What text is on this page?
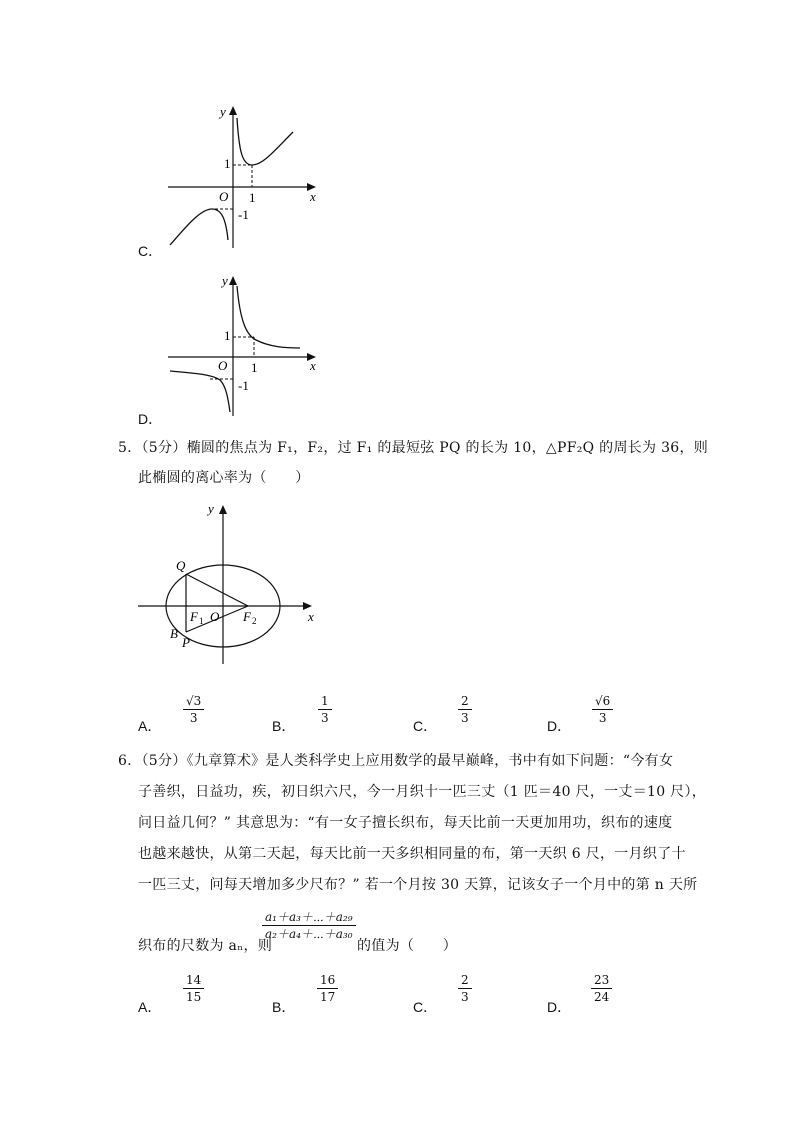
C．
y
x
O
1
1
-1
D．
y
x
O
1
1
-1
5．（5分）椭圆的焦点为 F₁，F₂，过 F₁ 的最短弦 PQ 的长为 10，△PF₂Q 的周长为 36，则
此椭圆的离心率为（　　）
y
x
Q
F 1 O F 2
B
P
A．
√3
3	B．
1
3	C．
2
3	D．
√6
3
6．（5分）《九章算术》是人类科学史上应用数学的最早巅峰，书中有如下问题：“今有女
子善织，日益功，疾，初日织六尺，今一月织十一匹三丈（1 匹＝40 尺，一丈＝10 尺），
问日益几何？” 其意思为：“有一女子擅长织布，每天比前一天更加用功，织布的速度
也越来越快，从第二天起，每天比前一天多织相同量的布，第一天织 6 尺，一月织了十
一匹三丈，问每天增加多少尺布？” 若一个月按 30 天算，记该女子一个月中的第 n 天所
织布的尺数为 aₙ，则
a₁＋a₃＋⋯＋a₂₉
a₂＋a₄＋⋯＋a₃₀
的值为（　　）
A．
14
15
B．
16
17
C．
2
3
D．
23
24
